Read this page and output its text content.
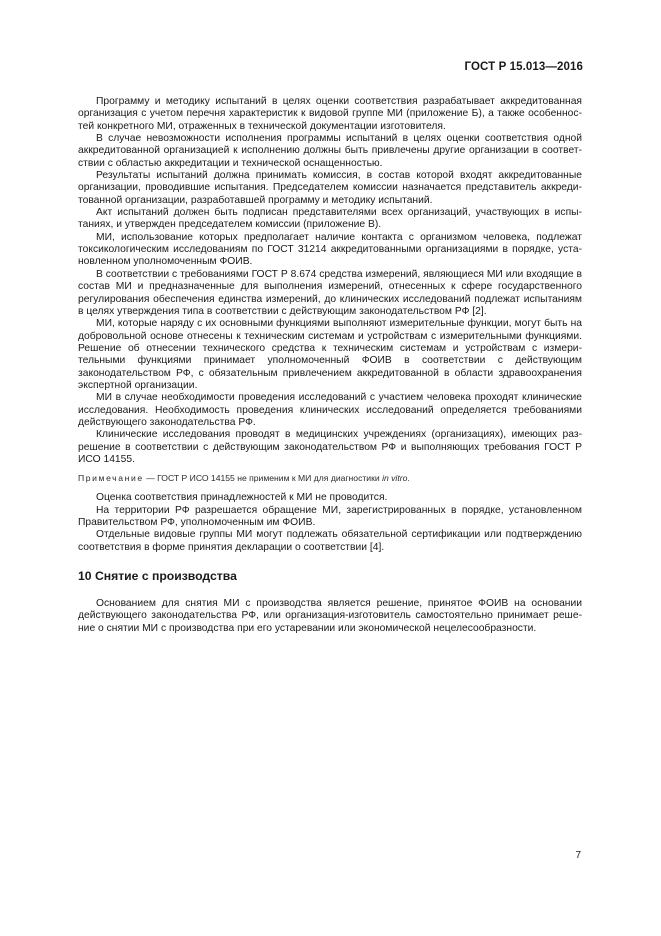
ГОСТ Р 15.013—2016

Программу и методику испытаний в целях оценки соответствия разрабатывает аккредитованная организация с учетом перечня характеристик к видовой группе МИ (приложение Б), а также особенностей конкретного МИ, отраженных в технической документации изготовителя.

В случае невозможности исполнения программы испытаний в целях оценки соответствия одной аккредитованной организацией к исполнению должны быть привлечены другие организации в соответствии с областью аккредитации и технической оснащенностью.

Результаты испытаний должна принимать комиссия, в состав которой входят аккредитованные организации, проводившие испытания. Председателем комиссии назначается представитель аккредитованной организации, разработавшей программу и методику испытаний.

Акт испытаний должен быть подписан представителями всех организаций, участвующих в испытаниях, и утвержден председателем комиссии (приложение В).

МИ, использование которых предполагает наличие контакта с организмом человека, подлежат токсикологическим исследованиям по ГОСТ 31214 аккредитованными организациями в порядке, установленном уполномоченным ФОИВ.

В соответствии с требованиями ГОСТ Р 8.674 средства измерений, являющиеся МИ или входящие в состав МИ и предназначенные для выполнения измерений, отнесенных к сфере государственного регулирования обеспечения единства измерений, до клинических исследований подлежат испытаниям в целях утверждения типа в соответствии с действующим законодательством РФ [2].

МИ, которые наряду с их основными функциями выполняют измерительные функции, могут быть на добровольной основе отнесены к техническим системам и устройствам с измерительными функциями. Решение об отнесении технического средства к техническим системам и устройствам с измерительными функциями принимает уполномоченный ФОИВ в соответствии с действующим законодательством РФ, с обязательным привлечением аккредитованной в области здравоохранения экспертной организации.

МИ в случае необходимости проведения исследований с участием человека проходят клинические исследования. Необходимость проведения клинических исследований определяется требованиями действующего законодательства РФ.

Клинические исследования проводят в медицинских учреждениях (организациях), имеющих разрешение в соответствии с действующим законодательством РФ и выполняющих требования ГОСТ Р ИСО 14155.

Примечание — ГОСТ Р ИСО 14155 не применим к МИ для диагностики in vitro.

Оценка соответствия принадлежностей к МИ не проводится.

На территории РФ разрешается обращение МИ, зарегистрированных в порядке, установленном Правительством РФ, уполномоченным им ФОИВ.

Отдельные видовые группы МИ могут подлежать обязательной сертификации или подтверждению соответствия в форме принятия декларации о соответствии [4].

10 Снятие с производства

Основанием для снятия МИ с производства является решение, принятое ФОИВ на основании действующего законодательства РФ, или организация-изготовитель самостоятельно принимает решение о снятии МИ с производства при его устаревании или экономической нецелесообразности.

7
